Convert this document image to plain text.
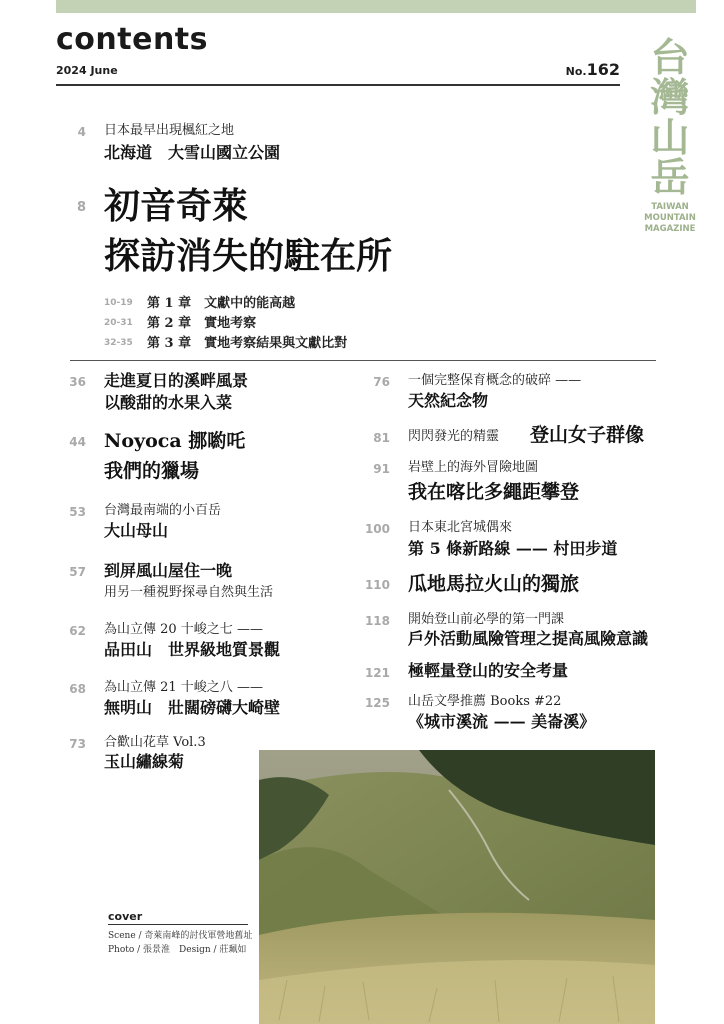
contents
2024 June	No.162 台
灣
山
岳
TAIWAN
MOUNTAIN
MAGAZINE
4 日本最早出現楓紅之地
北海道　大雪山國立公園
8 初音奇萊
探訪消失的駐在所
10-19	第 1 章　文獻中的能高越
20-31	第 2 章　實地考察
32-35	第 3 章　實地考察結果與文獻比對
36 走進夏日的溪畔風景
以酸甜的水果入菜
44 Noyoca 挪喲吒
我們的獵場
53 台灣最南端的小百岳
大山母山
57 到屏風山屋住一晚
用另一種視野探尋自然與生活
62 為山立傳 20 十峻之七 ——
品田山　世界級地質景觀
68 為山立傳 21 十峻之八 ——
無明山　壯闊磅礴大崎壁
73 合歡山花草 Vol.3
玉山繡線菊
76 一個完整保育概念的破碎 ——
天然紀念物
81 閃閃發光的精靈 登山女子群像
91 岩壁上的海外冒險地圖
我在喀比多繩距攀登
100 日本東北宮城偶來
第 5 條新路線 —— 村田步道
110 瓜地馬拉火山的獨旅
118 開始登山前必學的第一門課
戶外活動風險管理之提高風險意識
121 極輕量登山的安全考量
125 山岳文學推薦 Books #22
《城市溪流 —— 美崙溪》
cover
Scene / 奇萊南峰的討伐軍營地舊址
Photo / 張景淮　Design / 莊珮如
